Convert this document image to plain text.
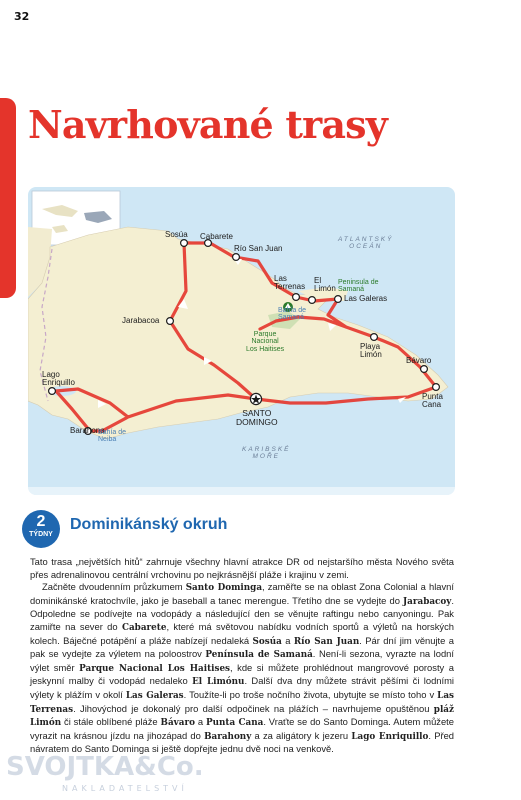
32
Navrhované trasy
Sosúa Cabarete
Río San Juan
ATLANTSKÝ
OCEÁN
Las
Terrenas
El
Limón
Peninsula de
Samaná
Las Galeras
Bahía de
Samaná
Parque
Nacional
Los Haitises
Jarabacoa
Playa
Limón
Bávaro
Punta
Cana
SANTO
DOMINGO
KARIBSKÉ
MOŘE
Lago
Enriquillo
Barahona
Bahía de
Neiba
2
TÝDNY
Dominikánský okruh

Tato trasa „největších hitů“ zahrnuje všechny hlavní atrakce DR od nejstaršího města Nového světa přes adrenalinovou centrální vrchovinu po nejkrásnější pláže i krajinu v zemi.

Začněte dvoudenním průzkumem Santo Dominga, zaměřte se na oblast Zona Colonial a hlavní dominikánské kratochvíle, jako je baseball a tanec merengue. Třetího dne se vydejte do Jarabacoy. Odpoledne se podívejte na vodopády a následující den se věnujte raftingu nebo canyoningu. Pak zamiřte na sever do Cabarete, které má světovou nabídku vodních sportů a výletů na horských kolech. Báječné potápění a pláže nabízejí nedaleká Sosúa a Río San Juan. Pár dní jim věnujte a pak se vydejte za výletem na poloostrov Península de Samaná. Není-li sezona, vyrazte na lodní výlet směr Parque Nacional Los Haitises, kde si můžete prohlédnout mangrovové porosty a jeskynní malby či vodopád nedaleko El Limónu. Další dva dny můžete strávit pěšími či lodními výlety k plážím v okolí Las Galeras. Toužíte-li po troše nočního života, ubytujte se místo toho v Las Terrenas. Jihovýchod je dokonalý pro další odpočinek na plážích – navrhujeme opuštěnou pláž Limón či stále oblíbené pláže Bávaro a Punta Cana. Vraťte se do Santo Dominga. Autem můžete vyrazit na krásnou jízdu na jihozápad do Barahony a za aligátory k jezeru Lago Enriquillo. Před návratem do Santo Dominga si ještě dopřejte jednu dvě noci na venkově.

SVOJTKA&Co.
NAKLADATELSTVÍ
